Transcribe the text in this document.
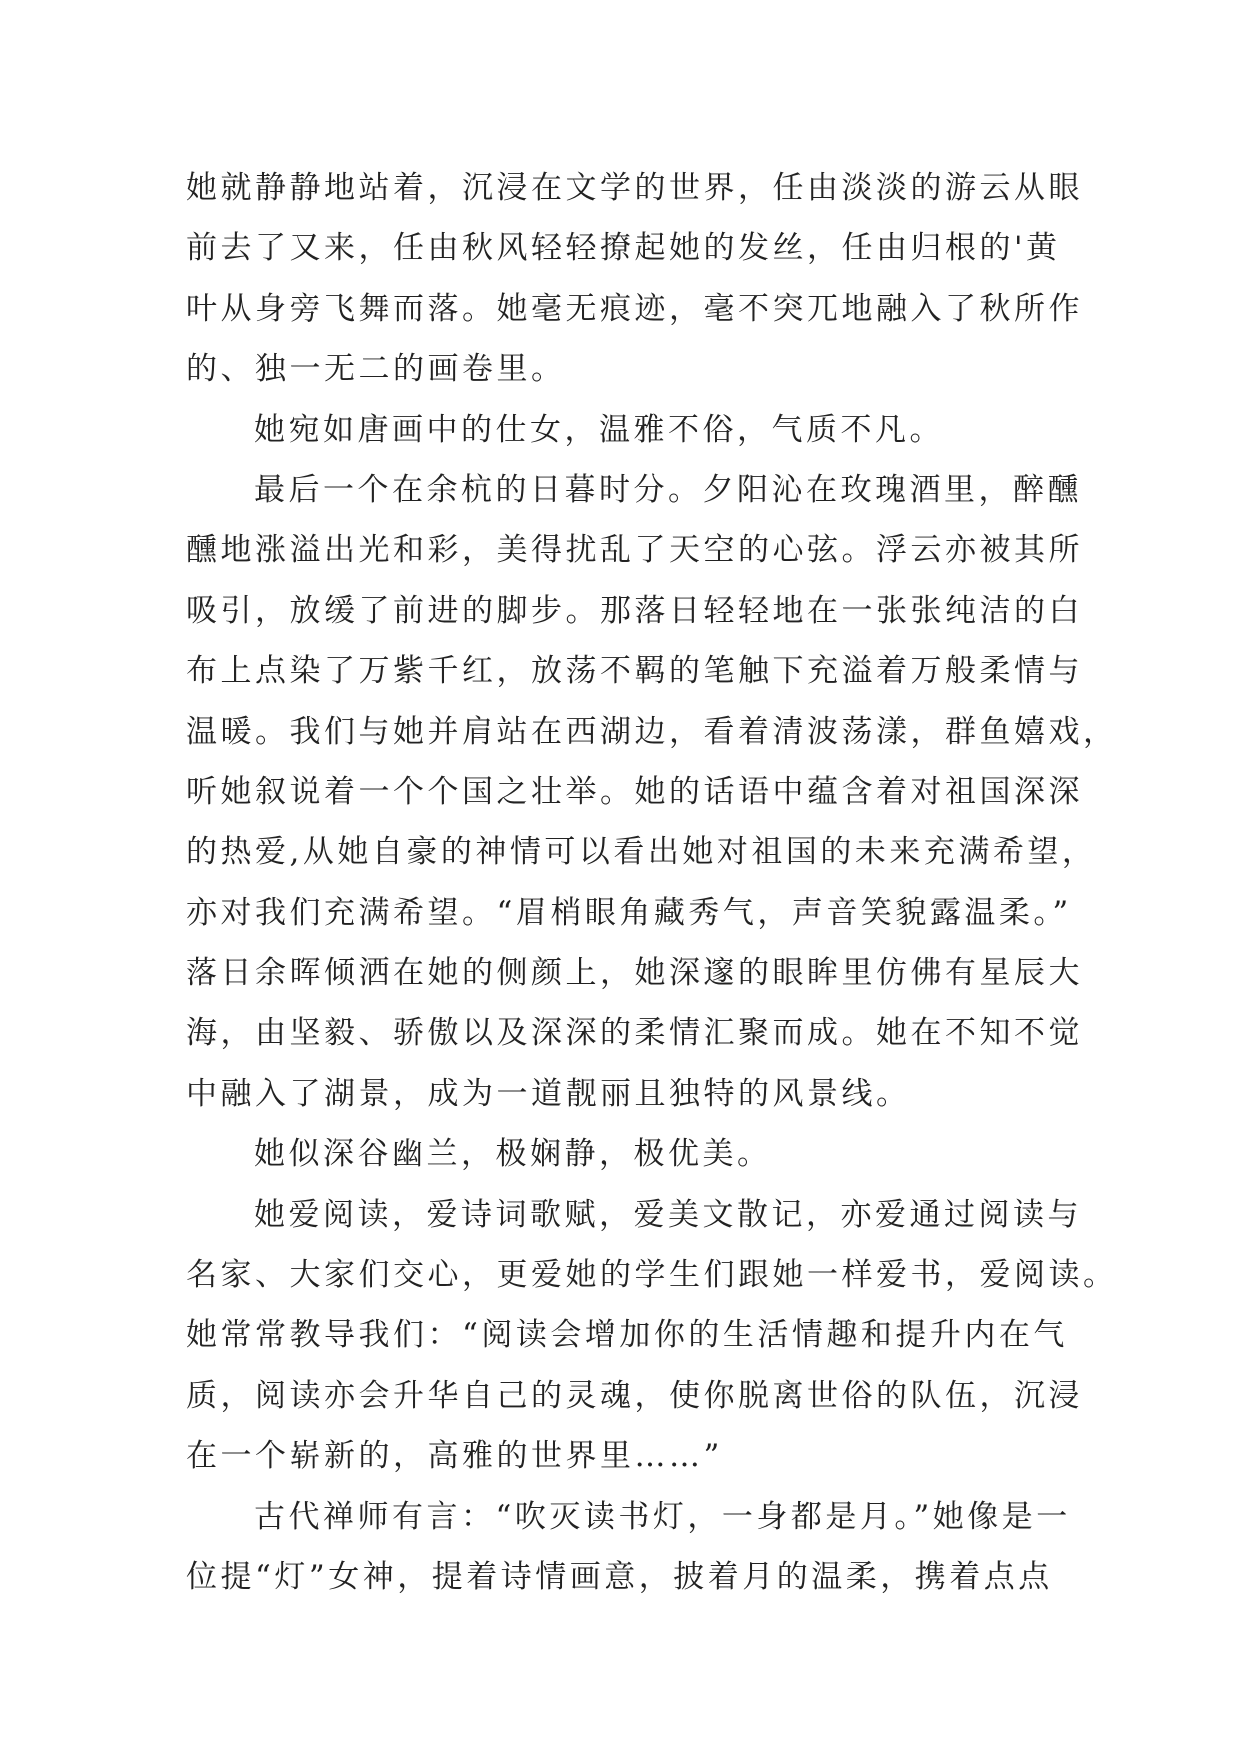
她就静静地站着，沉浸在文学的世界，任由淡淡的游云从眼
前去了又来，任由秋风轻轻撩起她的发丝，任由归根的'黄
叶从身旁飞舞而落。她毫无痕迹，毫不突兀地融入了秋所作
的、独一无二的画卷里。

她宛如唐画中的仕女，温雅不俗，气质不凡。

最后一个在余杭的日暮时分。夕阳沁在玫瑰酒里，醉醺
醺地涨溢出光和彩，美得扰乱了天空的心弦。浮云亦被其所
吸引，放缓了前进的脚步。那落日轻轻地在一张张纯洁的白
布上点染了万紫千红，放荡不羁的笔触下充溢着万般柔情与
温暖。我们与她并肩站在西湖边，看着清波荡漾，群鱼嬉戏，
听她叙说着一个个国之壮举。她的话语中蕴含着对祖国深深
的热爱,从她自豪的神情可以看出她对祖国的未来充满希望，
亦对我们充满希望。“眉梢眼角藏秀气，声音笑貌露温柔。”
落日余晖倾洒在她的侧颜上，她深邃的眼眸里仿佛有星辰大
海，由坚毅、骄傲以及深深的柔情汇聚而成。她在不知不觉
中融入了湖景，成为一道靓丽且独特的风景线。

她似深谷幽兰，极娴静，极优美。

她爱阅读，爱诗词歌赋，爱美文散记，亦爱通过阅读与
名家、大家们交心，更爱她的学生们跟她一样爱书，爱阅读。
她常常教导我们：“阅读会增加你的生活情趣和提升内在气
质，阅读亦会升华自己的灵魂，使你脱离世俗的队伍，沉浸
在一个崭新的，高雅的世界里……”

古代禅师有言：“吹灭读书灯，一身都是月。”她像是一
位提“灯”女神，提着诗情画意，披着月的温柔，携着点点
